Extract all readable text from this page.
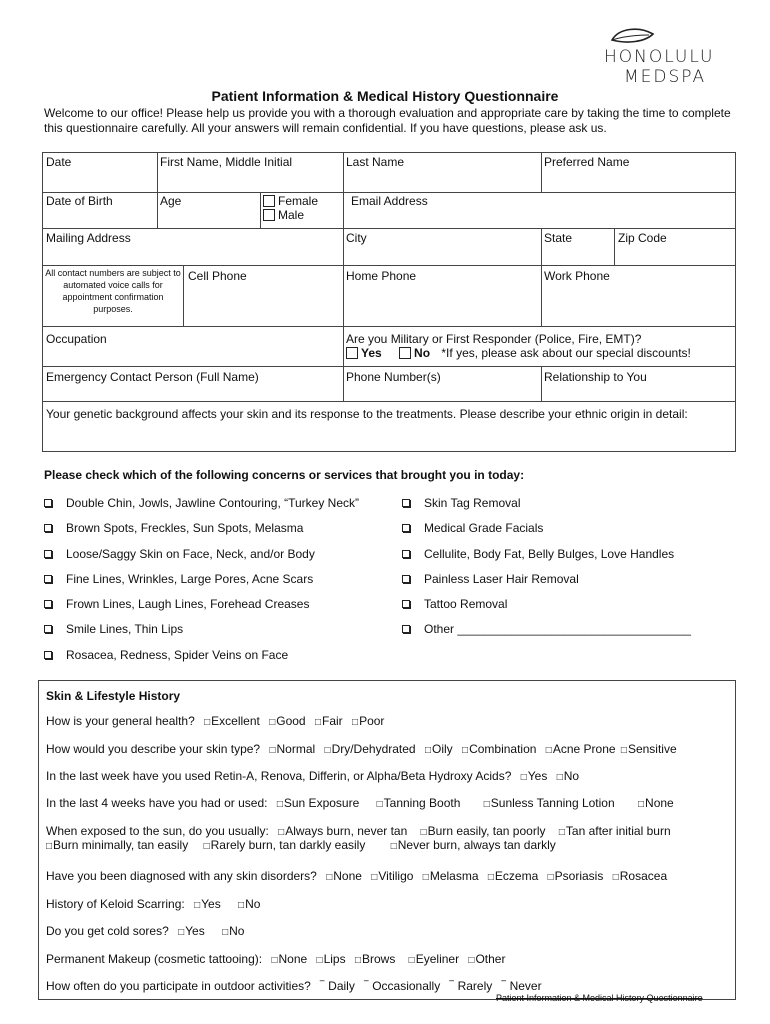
HONOLULU
MEDSPA
Patient Information & Medical History Questionnaire
Welcome to our office! Please help us provide you with a thorough evaluation and appropriate care by taking the time to complete this questionnaire carefully. All your answers will remain confidential. If you have questions, please ask us.
Date	First Name, Middle Initial	Last Name	Preferred Name
Date of Birth	Age	Female
Male
Email Address
Mailing Address	City	State	Zip Code
All contact numbers are subject to automated voice calls for appointment confirmation purposes.
Cell Phone	Home Phone	Work Phone
Occupation	Are you Military or First Responder (Police, Fire, EMT)?
Yes	No *If yes, please ask about our special discounts!
Emergency Contact Person (Full Name)	Phone Number(s)	Relationship to You
Your genetic background affects your skin and its response to the treatments. Please describe your ethnic origin in detail:
Please check which of the following concerns or services that brought you in today:
Double Chin, Jowls, Jawline Contouring, “Turkey Neck”
Brown Spots, Freckles, Sun Spots, Melasma
Loose/Saggy Skin on Face, Neck, and/or Body
Fine Lines, Wrinkles, Large Pores, Acne Scars
Frown Lines, Laugh Lines, Forehead Creases
Smile Lines, Thin Lips
Rosacea, Redness, Spider Veins on Face
Skin Tag Removal
Medical Grade Facials
Cellulite, Body Fat, Belly Bulges, Love Handles
Painless Laser Hair Removal
Tattoo Removal
Other ___________________________________
Skin & Lifestyle History
How is your general health? □ Excellent □ Good □ Fair □ Poor
How would you describe your skin type? □ Normal □ Dry/Dehydrated □ Oily □ Combination □ Acne Prone □ Sensitive
In the last week have you used Retin-A, Renova, Differin, or Alpha/Beta Hydroxy Acids? □ Yes □ No
In the last 4 weeks have you had or used: □ Sun Exposure □ Tanning Booth	□ Sunless Tanning Lotion	□ None
When exposed to the sun, do you usually: □ Always burn, never tan □ Burn easily, tan poorly □ Tan after initial burn
□ Burn minimally, tan easily □ Rarely burn, tan darkly easily	□ Never burn, always tan darkly
Have you been diagnosed with any skin disorders? □ None □ Vitiligo □ Melasma □ Eczema □ Psoriasis □ Rosacea
History of Keloid Scarring: □ Yes □ No
Do you get cold sores? □ Yes □ No
Permanent Makeup (cosmetic tattooing): □ None □ Lips □ Brows □ Eyeliner □ Other
How often do you participate in outdoor activities? ‾ Daily ‾ Occasionally ‾ Rarely ‾ Never
Patient Information & Medical History Questionnaire
